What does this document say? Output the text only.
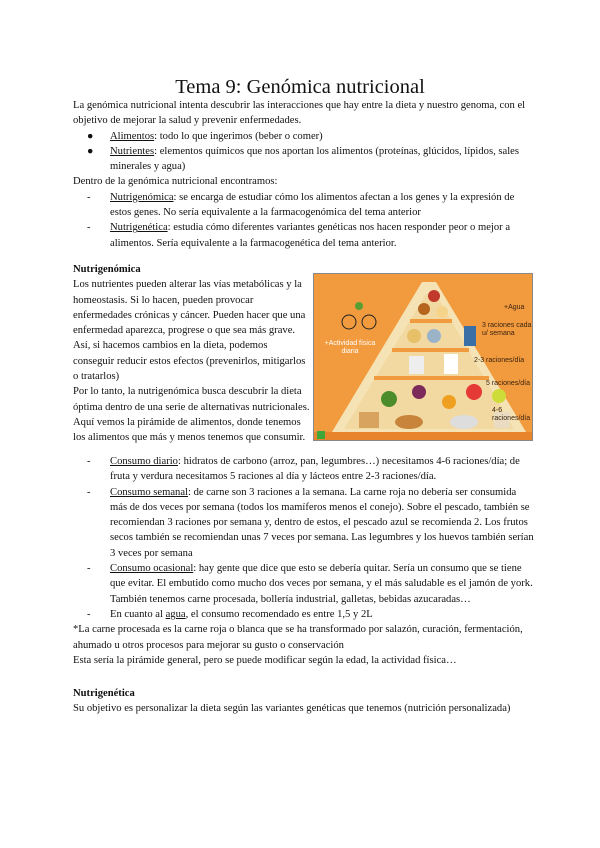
Tema 9: Genómica nutricional

La genómica nutricional intenta descubrir las interacciones que hay entre la dieta y nuestro genoma, con el objetivo de mejorar la salud y prevenir enfermedades.

● Alimentos: todo lo que ingerimos (beber o comer)
● Nutrientes: elementos químicos que nos aportan los alimentos (proteínas, glúcidos, lípidos, sales minerales y agua)

Dentro de la genómica nutricional encontramos:

- Nutrigenómica: se encarga de estudiar cómo los alimentos afectan a los genes y la expresión de estos genes. No sería equivalente a la farmacogenómica del tema anterior
- Nutrigenética: estudia cómo diferentes variantes genéticas nos hacen responder peor o mejor a alimentos. Sería equivalente a la farmacogenética del tema anterior.

Nutrigenómica

Los nutrientes pueden alterar las vías metabólicas y la homeostasis. Si lo hacen, pueden provocar enfermedades crónicas y cáncer. Pueden hacer que una enfermedad aparezca, progrese o que sea más grave. Así, si hacemos cambios en la dieta, podemos conseguir reducir estos efectos (prevenirlos, mitigarlos o tratarlos)

Por lo tanto, la nutrigenómica busca descubrir la dieta óptima dentro de una serie de alternativas nutricionales. Aquí vemos la pirámide de alimentos, donde tenemos los alimentos que más y menos tenemos que consumir.

3 raciones cada u/ semana
+Agua
2-3 raciones/día
5 raciones/día
4-6 raciones/día
+Actividad física diaria
- Consumo diario: hidratos de carbono (arroz, pan, legumbres…) necesitamos 4-6 raciones/día; de fruta y verdura necesitamos 5 raciones al día y lácteos entre 2-3 raciones/día.
- Consumo semanal: de carne son 3 raciones a la semana. La carne roja no debería ser consumida más de dos veces por semana (todos los mamíferos menos el conejo). Sobre el pescado, también se recomiendan 3 raciones por semana y, dentro de estos, el pescado azul se recomienda 2. Los frutos secos también se recomiendan unas 7 veces por semana. Las legumbres y los huevos también serían 3 veces por semana
- Consumo ocasional: hay gente que dice que esto se debería quitar. Sería un consumo que se tiene que evitar. El embutido como mucho dos veces por semana, y el más saludable es el jamón de york. También tenemos carne procesada, bollería industrial, galletas, bebidas azucaradas…
- En cuanto al agua, el consumo recomendado es entre 1,5 y 2L

*La carne procesada es la carne roja o blanca que se ha transformado por salazón, curación, fermentación, ahumado u otros procesos para mejorar su gusto o conservación

Esta sería la pirámide general, pero se puede modificar según la edad, la actividad física…

Nutrigenética

Su objetivo es personalizar la dieta según las variantes genéticas que tenemos (nutrición personalizada)
